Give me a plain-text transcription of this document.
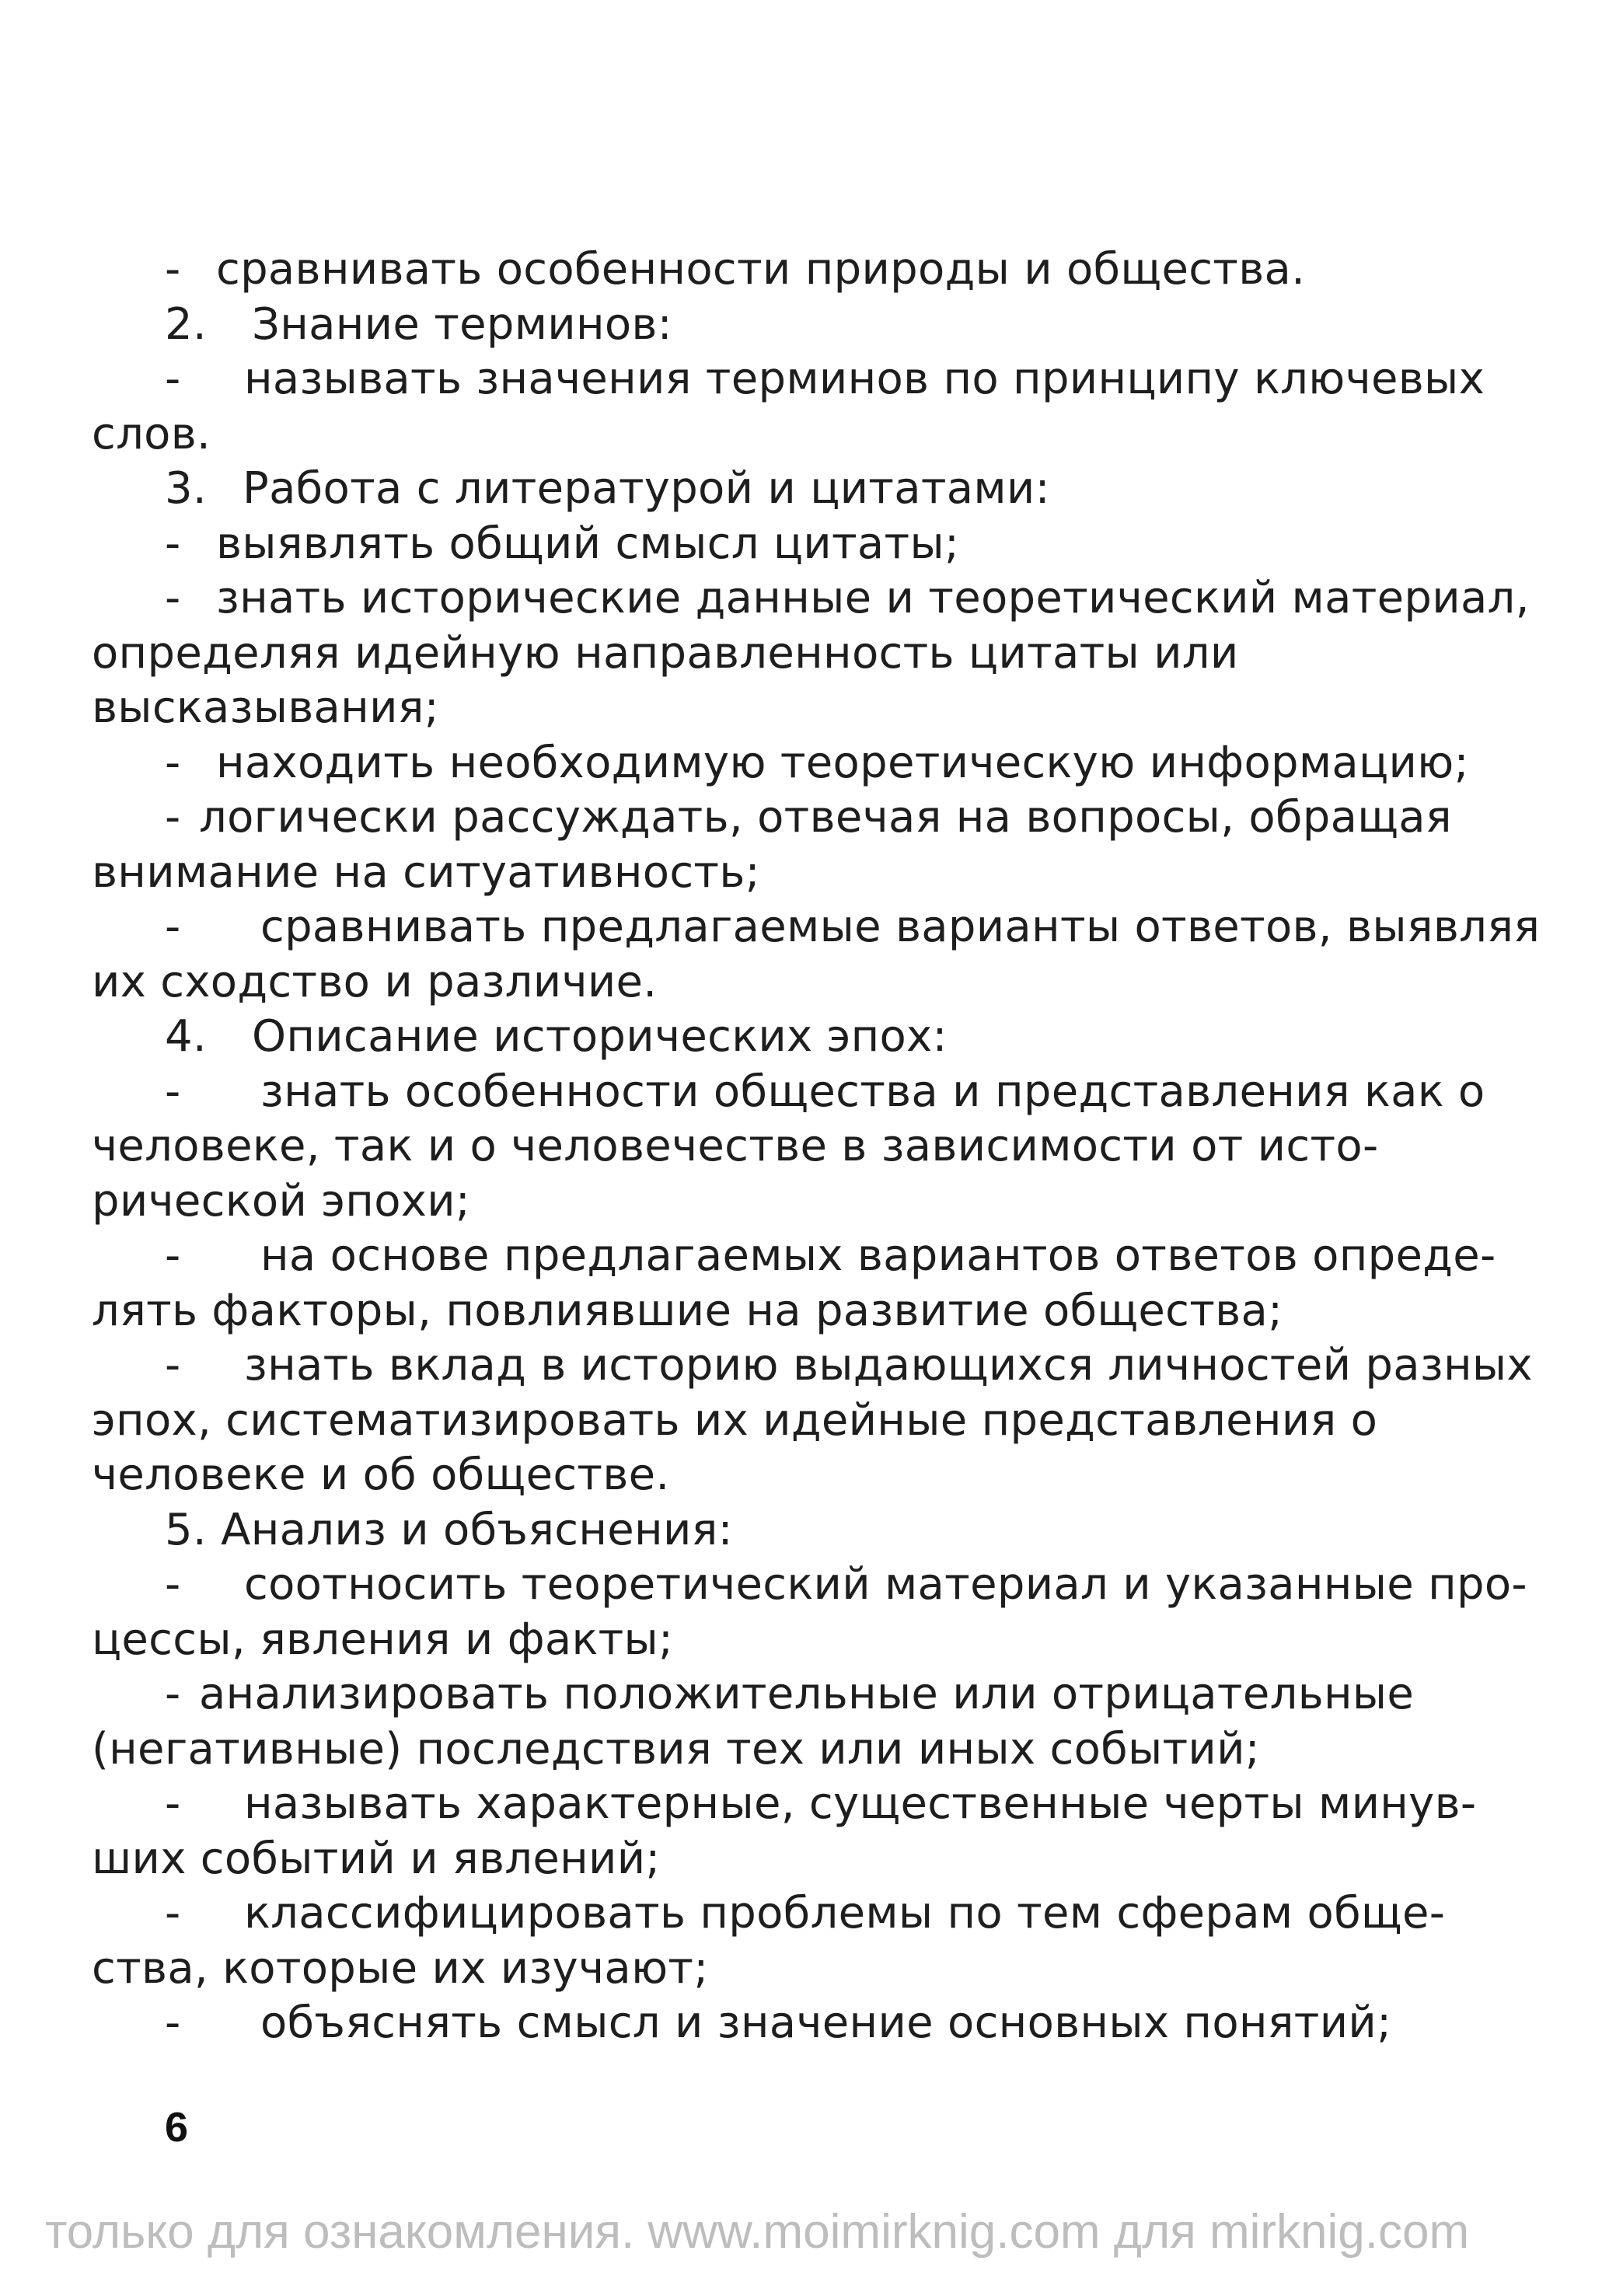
- сравнивать особенности природы и общества.
2. Знание терминов:
- называть значения терминов по принципу ключевых
слов.
3. Работа с литературой и цитатами:
- выявлять общий смысл цитаты;
- знать исторические данные и теоретический материал,
определяя идейную направленность цитаты или
высказывания;
- находить необходимую теоретическую информацию;
- логически рассуждать, отвечая на вопросы, обращая
внимание на ситуативность;
- сравнивать предлагаемые варианты ответов, выявляя
их сходство и различие.
4. Описание исторических эпох:
- знать особенности общества и представления как о
человеке, так и о человечестве в зависимости от исто-
рической эпохи;
- на основе предлагаемых вариантов ответов опреде-
лять факторы, повлиявшие на развитие общества;
- знать вклад в историю выдающихся личностей разных
эпох, систематизировать их идейные представления о
человеке и об обществе.
5. Анализ и объяснения:
- соотносить теоретический материал и указанные про-
цессы, явления и факты;
- анализировать положительные или отрицательные
(негативные) последствия тех или иных событий;
- называть характерные, существенные черты минув-
ших событий и явлений;
- классифицировать проблемы по тем сферам обще-
ства, которые их изучают;
- объяснять смысл и значение основных понятий;
6
только для ознакомления. www.moimirknig.com для mirknig.com
